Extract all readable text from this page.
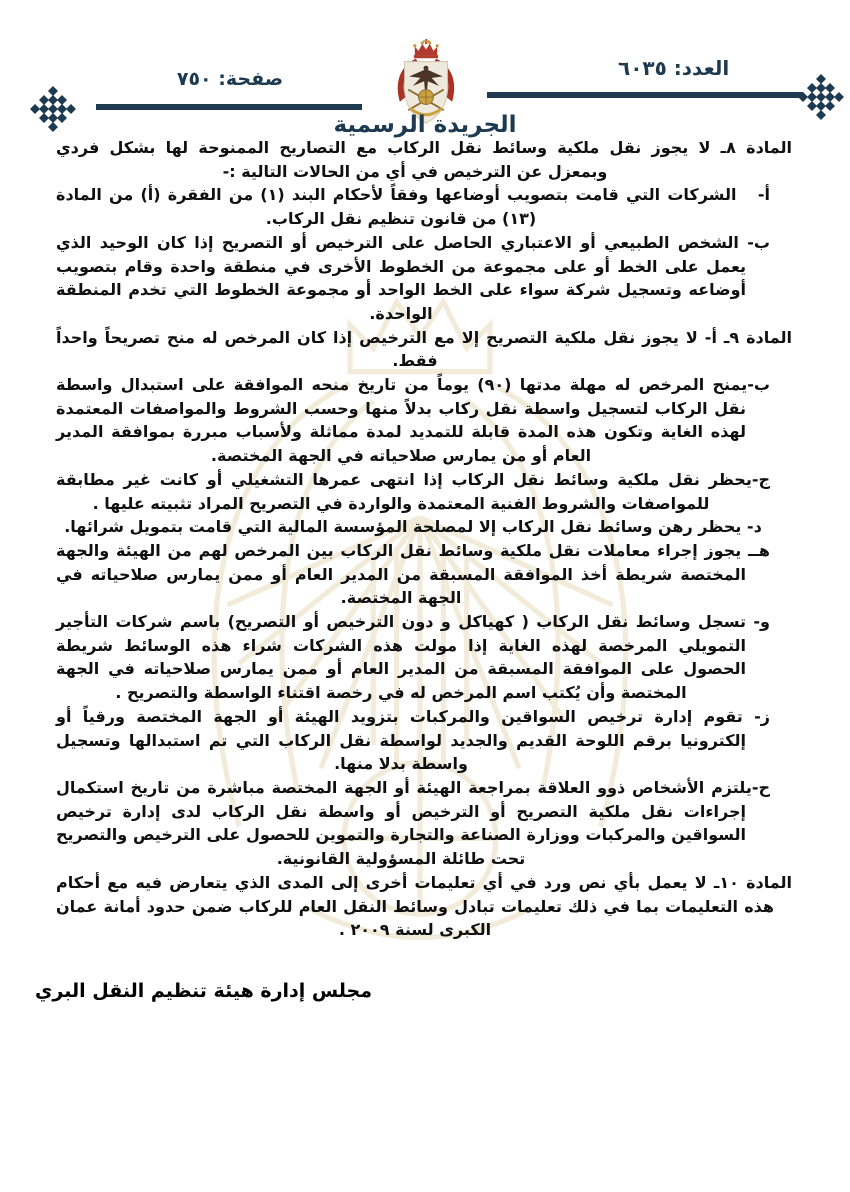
العدد: ٦٠٣٥
صفحة: ٧٥٠
الجريدة الرسمية

المادة ٨ـ لا يجوز نقل ملكية وسائط نقل الركاب مع التصاريح الممنوحة لها بشكل فردي وبمعزل عن الترخيص في أي من الحالات التالية :-

أ-   الشركات التي قامت بتصويب أوضاعها وفقاً لأحكام البند (١) من الفقرة (أ) من المادة (١٣) من قانون تنظيم نقل الركاب.

ب- الشخص الطبيعي أو الاعتباري الحاصل على الترخيص أو التصريح إذا كان الوحيد الذي يعمل على الخط أو على مجموعة من الخطوط الأخرى في منطقة واحدة وقام بتصويب أوضاعه وتسجيل شركة سواء على الخط الواحد أو مجموعة الخطوط التي تخدم المنطقة الواحدة.

المادة ٩ـ أ- لا يجوز نقل ملكية التصريح إلا مع الترخيص إذا كان المرخص له منح تصريحاً واحداً فقط.

ب-يمنح المرخص له مهلة مدتها (٩٠) يوماً من تاريخ منحه الموافقة على استبدال واسطة نقل الركاب لتسجيل واسطة نقل ركاب بدلاً منها وحسب الشروط والمواصفات المعتمدة لهذه الغاية وتكون هذه المدة قابلة للتمديد لمدة مماثلة ولأسباب مبررة بموافقة المدير العام أو من يمارس صلاحياته في الجهة المختصة.

ج-يحظر نقل ملكية وسائط نقل الركاب إذا انتهى عمرها التشغيلي أو كانت غير مطابقة للمواصفات والشروط الفنية المعتمدة والواردة في التصريح المراد تثبيته عليها .

د- يحظر رهن وسائط نقل الركاب إلا لمصلحة المؤسسة المالية التي قامت بتمويل شرائها.

هــ يجوز إجراء معاملات نقل ملكية وسائط نقل الركاب بين المرخص لهم من الهيئة والجهة المختصة شريطة أخذ الموافقة المسبقة من المدير العام أو ممن يمارس صلاحياته في الجهة المختصة.

و- تسجل وسائط نقل الركاب ( كهياكل و دون الترخيص أو التصريح) باسم شركات التأجير التمويلي المرخصة لهذه الغاية إذا مولت هذه الشركات شراء هذه الوسائط شريطة الحصول على الموافقة المسبقة من المدير العام أو ممن يمارس صلاحياته في الجهة المختصة وأن يُكتب اسم المرخص له في رخصة اقتناء الواسطة والتصريح .

ز- تقوم إدارة ترخيص السواقين والمركبات بتزويد الهيئة أو الجهة المختصة ورقياً أو إلكترونيا برقم اللوحة القديم والجديد لواسطة نقل الركاب التي تم استبدالها وتسجيل واسطة بدلا منها.

ح-يلتزم الأشخاص ذوو العلاقة بمراجعة الهيئة أو الجهة المختصة مباشرة من تاريخ استكمال إجراءات نقل ملكية التصريح أو الترخيص أو واسطة نقل الركاب لدى إدارة ترخيص السواقين والمركبات ووزارة الصناعة والتجارة والتموين للحصول على الترخيص والتصريح تحت طائلة المسؤولية القانونية.

المادة ١٠ـ لا يعمل بأي نص ورد في أي تعليمات أخرى إلى المدى الذي يتعارض فيه مع أحكام هذه التعليمات بما في ذلك تعليمات تبادل وسائط النقل العام للركاب ضمن حدود أمانة عمان الكبرى لسنة ٢٠٠٩ .

مجلس إدارة هيئة تنظيم النقل البري
